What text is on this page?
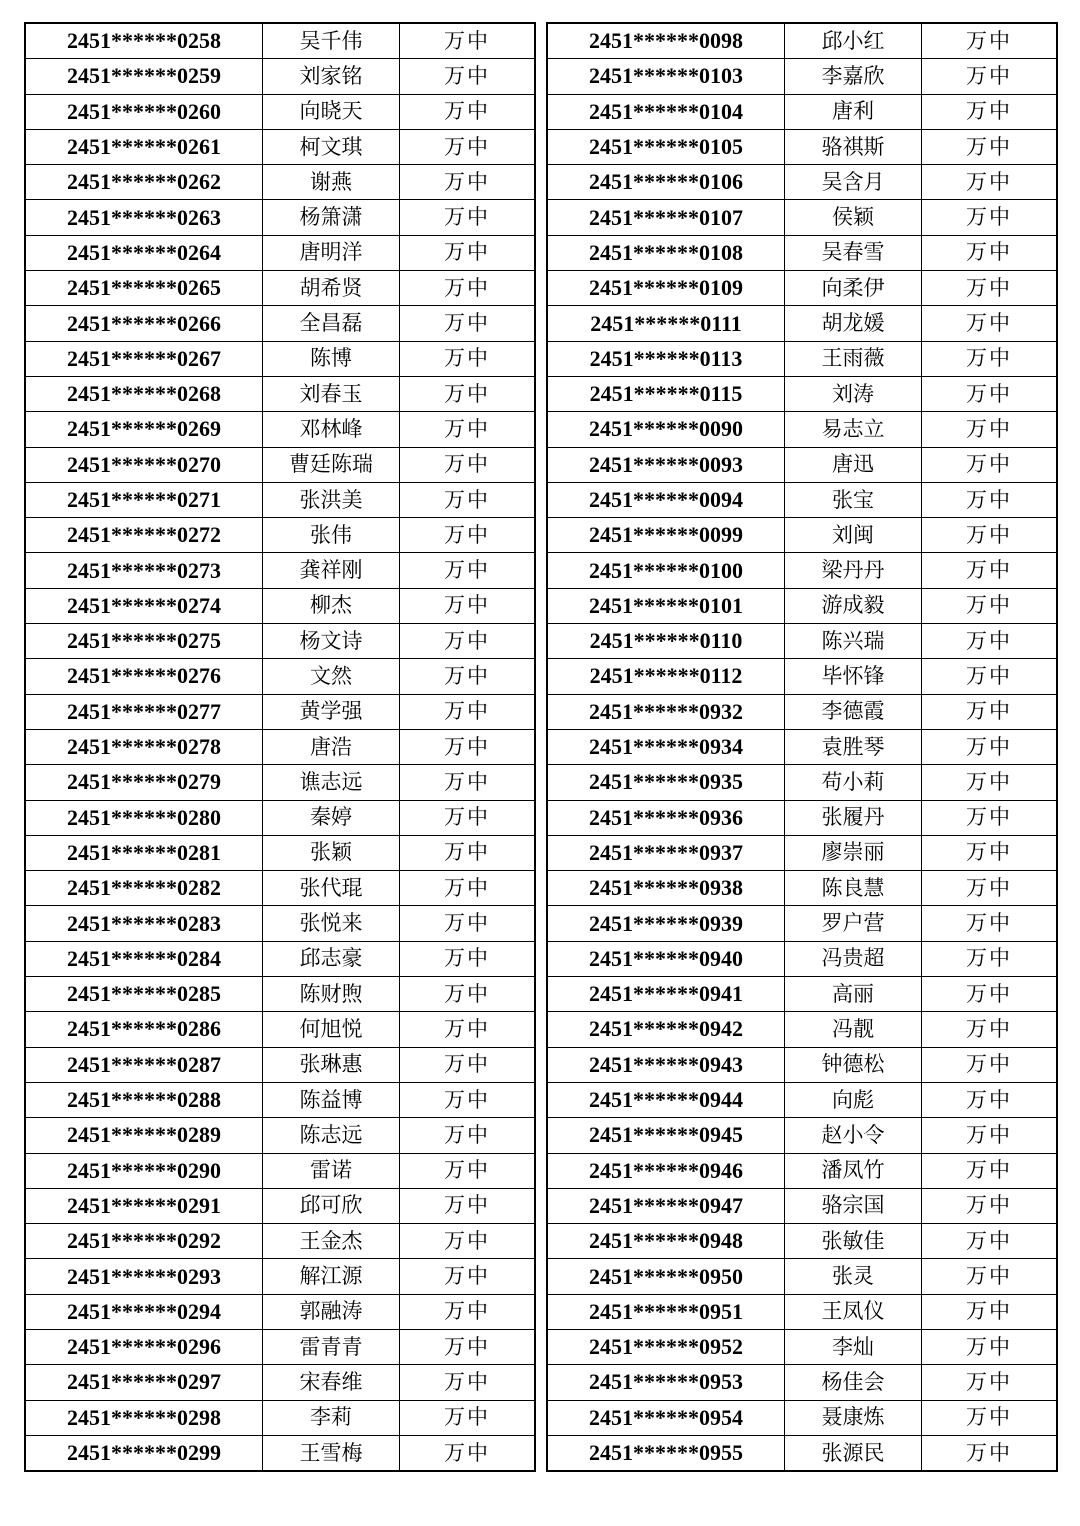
2451******0258	吴千伟	万中
2451******0259	刘家铭	万中
2451******0260	向晓天	万中
2451******0261	柯文琪	万中
2451******0262	谢燕	万中
2451******0263	杨箫潇	万中
2451******0264	唐明洋	万中
2451******0265	胡希贤	万中
2451******0266	全昌磊	万中
2451******0267	陈博	万中
2451******0268	刘春玉	万中
2451******0269	邓林峰	万中
2451******0270	曹廷陈瑞	万中
2451******0271	张洪美	万中
2451******0272	张伟	万中
2451******0273	龚祥刚	万中
2451******0274	柳杰	万中
2451******0275	杨文诗	万中
2451******0276	文然	万中
2451******0277	黄学强	万中
2451******0278	唐浩	万中
2451******0279	谯志远	万中
2451******0280	秦婷	万中
2451******0281	张颖	万中
2451******0282	张代琨	万中
2451******0283	张悦来	万中
2451******0284	邱志豪	万中
2451******0285	陈财煦	万中
2451******0286	何旭悦	万中
2451******0287	张琳惠	万中
2451******0288	陈益博	万中
2451******0289	陈志远	万中
2451******0290	雷诺	万中
2451******0291	邱可欣	万中
2451******0292	王金杰	万中
2451******0293	解江源	万中
2451******0294	郭融涛	万中
2451******0296	雷青青	万中
2451******0297	宋春维	万中
2451******0298	李莉	万中
2451******0299	王雪梅	万中
2451******0098	邱小红	万中
2451******0103	李嘉欣	万中
2451******0104	唐利	万中
2451******0105	骆祺斯	万中
2451******0106	吴含月	万中
2451******0107	侯颖	万中
2451******0108	吴春雪	万中
2451******0109	向柔伊	万中
2451******0111	胡龙媛	万中
2451******0113	王雨薇	万中
2451******0115	刘涛	万中
2451******0090	易志立	万中
2451******0093	唐迅	万中
2451******0094	张宝	万中
2451******0099	刘闽	万中
2451******0100	梁丹丹	万中
2451******0101	游成毅	万中
2451******0110	陈兴瑞	万中
2451******0112	毕怀锋	万中
2451******0932	李德霞	万中
2451******0934	袁胜琴	万中
2451******0935	苟小莉	万中
2451******0936	张履丹	万中
2451******0937	廖崇丽	万中
2451******0938	陈良慧	万中
2451******0939	罗户营	万中
2451******0940	冯贵超	万中
2451******0941	高丽	万中
2451******0942	冯靓	万中
2451******0943	钟德松	万中
2451******0944	向彪	万中
2451******0945	赵小令	万中
2451******0946	潘凤竹	万中
2451******0947	骆宗国	万中
2451******0948	张敏佳	万中
2451******0950	张灵	万中
2451******0951	王凤仪	万中
2451******0952	李灿	万中
2451******0953	杨佳会	万中
2451******0954	聂康炼	万中
2451******0955	张源民	万中
